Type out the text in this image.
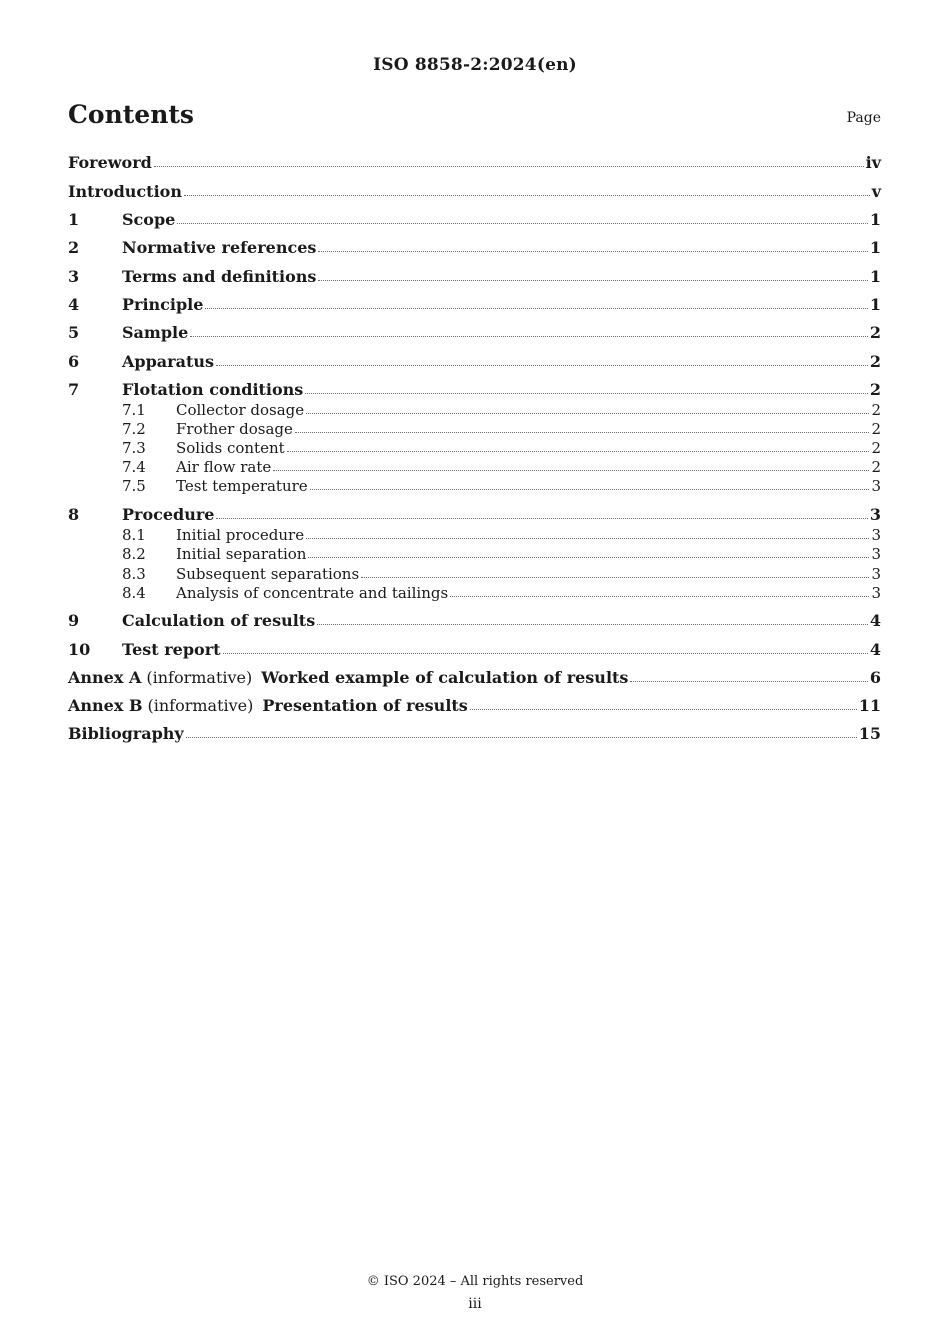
ISO 8858-2:2024(en)
Contents	Page
Foreword	iv
Introduction	v
1	Scope	1
2	Normative references	1
3	Terms and definitions	1
4	Principle	1
5	Sample	2
6	Apparatus	2
7	Flotation conditions	2
7.1	Collector dosage	2
7.2	Frother dosage	2
7.3	Solids content	2
7.4	Air flow rate	2
7.5	Test temperature	3
8	Procedure	3
8.1	Initial procedure	3
8.2	Initial separation	3
8.3	Subsequent separations	3
8.4	Analysis of concentrate and tailings	3
9	Calculation of results	4
10	Test report	4
Annex A (informative) Worked example of calculation of results	6
Annex B (informative) Presentation of results	11
Bibliography	15
© ISO 2024 – All rights reserved
iii
